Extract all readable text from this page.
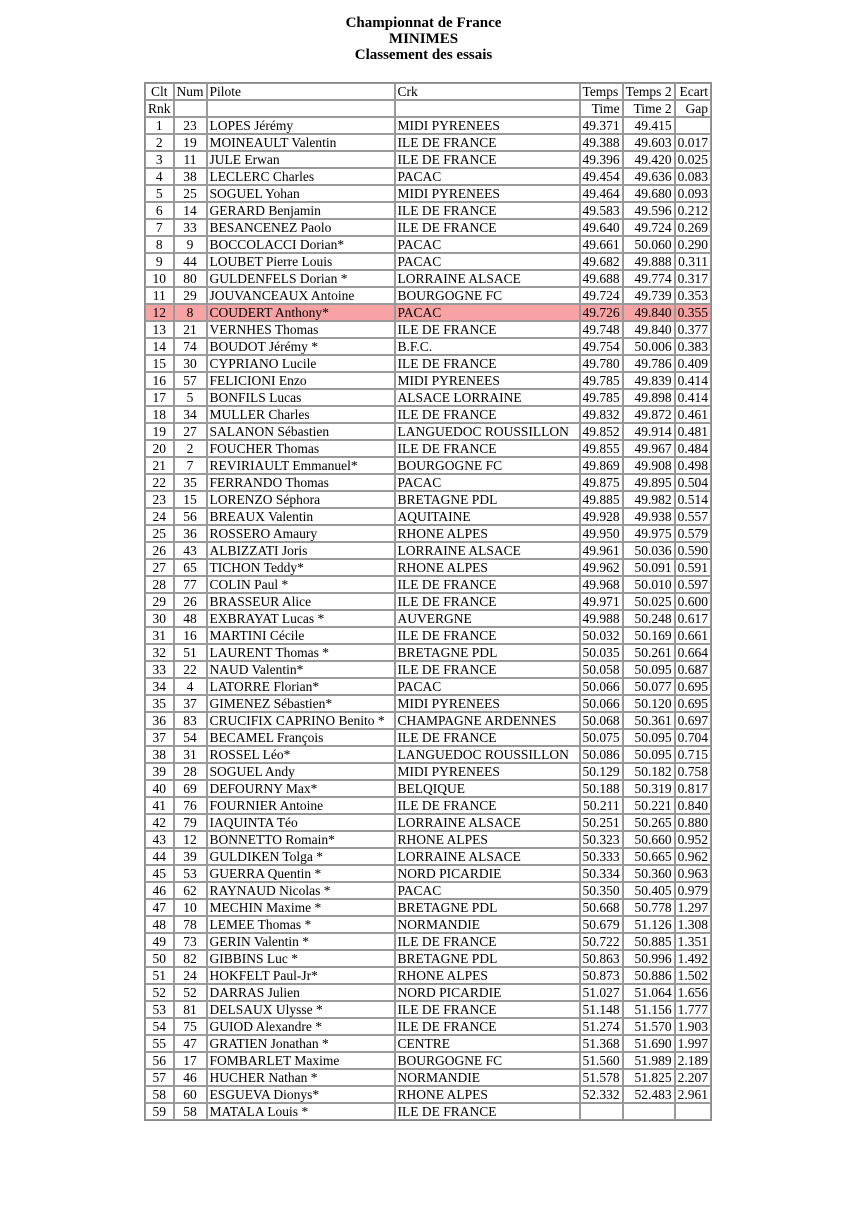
Championnat de France
MINIMES
Classement des essais
Clt	Num	Pilote	Crk	Temps	Temps 2	Ecart
Rnk				Time	Time 2	Gap
1	23	LOPES Jérémy	MIDI PYRENEES	49.371	49.415	
2	19	MOINEAULT Valentin	ILE DE FRANCE	49.388	49.603	0.017
3	11	JULE Erwan	ILE DE FRANCE	49.396	49.420	0.025
4	38	LECLERC Charles	PACAC	49.454	49.636	0.083
5	25	SOGUEL Yohan	MIDI PYRENEES	49.464	49.680	0.093
6	14	GERARD Benjamin	ILE DE FRANCE	49.583	49.596	0.212
7	33	BESANCENEZ Paolo	ILE DE FRANCE	49.640	49.724	0.269
8	9	BOCCOLACCI Dorian*	PACAC	49.661	50.060	0.290
9	44	LOUBET Pierre Louis	PACAC	49.682	49.888	0.311
10	80	GULDENFELS Dorian *	LORRAINE ALSACE	49.688	49.774	0.317
11	29	JOUVANCEAUX Antoine	BOURGOGNE FC	49.724	49.739	0.353
12	8	COUDERT Anthony*	PACAC	49.726	49.840	0.355
13	21	VERNHES Thomas	ILE DE FRANCE	49.748	49.840	0.377
14	74	BOUDOT Jérémy *	B.F.C.	49.754	50.006	0.383
15	30	CYPRIANO Lucile	ILE DE FRANCE	49.780	49.786	0.409
16	57	FELICIONI Enzo	MIDI PYRENEES	49.785	49.839	0.414
17	5	BONFILS Lucas	ALSACE LORRAINE	49.785	49.898	0.414
18	34	MULLER Charles	ILE DE FRANCE	49.832	49.872	0.461
19	27	SALANON Sébastien	LANGUEDOC ROUSSILLON	49.852	49.914	0.481
20	2	FOUCHER Thomas	ILE DE FRANCE	49.855	49.967	0.484
21	7	REVIRIAULT Emmanuel*	BOURGOGNE FC	49.869	49.908	0.498
22	35	FERRANDO Thomas	PACAC	49.875	49.895	0.504
23	15	LORENZO Séphora	BRETAGNE PDL	49.885	49.982	0.514
24	56	BREAUX Valentin	AQUITAINE	49.928	49.938	0.557
25	36	ROSSERO Amaury	RHONE ALPES	49.950	49.975	0.579
26	43	ALBIZZATI Joris	LORRAINE ALSACE	49.961	50.036	0.590
27	65	TICHON Teddy*	RHONE ALPES	49.962	50.091	0.591
28	77	COLIN Paul *	ILE DE FRANCE	49.968	50.010	0.597
29	26	BRASSEUR Alice	ILE DE FRANCE	49.971	50.025	0.600
30	48	EXBRAYAT Lucas *	AUVERGNE	49.988	50.248	0.617
31	16	MARTINI Cécile	ILE DE FRANCE	50.032	50.169	0.661
32	51	LAURENT Thomas *	BRETAGNE PDL	50.035	50.261	0.664
33	22	NAUD Valentin*	ILE DE FRANCE	50.058	50.095	0.687
34	4	LATORRE Florian*	PACAC	50.066	50.077	0.695
35	37	GIMENEZ Sébastien*	MIDI PYRENEES	50.066	50.120	0.695
36	83	CRUCIFIX CAPRINO Benito *	CHAMPAGNE ARDENNES	50.068	50.361	0.697
37	54	BECAMEL François	ILE DE FRANCE	50.075	50.095	0.704
38	31	ROSSEL Léo*	LANGUEDOC ROUSSILLON	50.086	50.095	0.715
39	28	SOGUEL Andy	MIDI PYRENEES	50.129	50.182	0.758
40	69	DEFOURNY Max*	BELQIQUE	50.188	50.319	0.817
41	76	FOURNIER Antoine	ILE DE FRANCE	50.211	50.221	0.840
42	79	IAQUINTA Téo	LORRAINE ALSACE	50.251	50.265	0.880
43	12	BONNETTO Romain*	RHONE ALPES	50.323	50.660	0.952
44	39	GULDIKEN Tolga *	LORRAINE ALSACE	50.333	50.665	0.962
45	53	GUERRA Quentin *	NORD PICARDIE	50.334	50.360	0.963
46	62	RAYNAUD Nicolas *	PACAC	50.350	50.405	0.979
47	10	MECHIN Maxime *	BRETAGNE PDL	50.668	50.778	1.297
48	78	LEMEE Thomas *	NORMANDIE	50.679	51.126	1.308
49	73	GERIN Valentin *	ILE DE FRANCE	50.722	50.885	1.351
50	82	GIBBINS Luc *	BRETAGNE PDL	50.863	50.996	1.492
51	24	HOKFELT Paul-Jr*	RHONE ALPES	50.873	50.886	1.502
52	52	DARRAS Julien	NORD PICARDIE	51.027	51.064	1.656
53	81	DELSAUX Ulysse *	ILE DE FRANCE	51.148	51.156	1.777
54	75	GUIOD Alexandre *	ILE DE FRANCE	51.274	51.570	1.903
55	47	GRATIEN Jonathan *	CENTRE	51.368	51.690	1.997
56	17	FOMBARLET Maxime	BOURGOGNE FC	51.560	51.989	2.189
57	46	HUCHER Nathan *	NORMANDIE	51.578	51.825	2.207
58	60	ESGUEVA Dionys*	RHONE ALPES	52.332	52.483	2.961
59	58	MATALA Louis *	ILE DE FRANCE			
